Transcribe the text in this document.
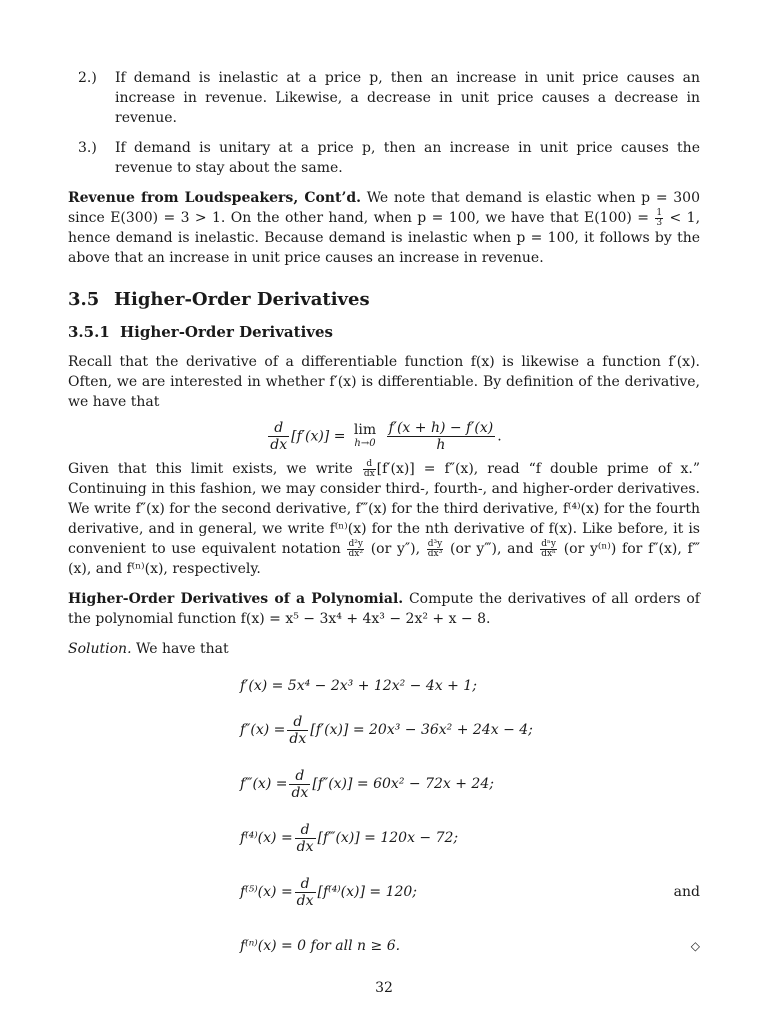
2.) If demand is inelastic at a price p, then an increase in unit price causes an increase in revenue. Likewise, a decrease in unit price causes a decrease in revenue.

3.) If demand is unitary at a price p, then an increase in unit price causes the revenue to stay about the same.

Revenue from Loudspeakers, Cont’d. We note that demand is elastic when p = 300 since E(300) = 3 > 1. On the other hand, when p = 100, we have that $E(100) = \frac{1}{3} < 1$, hence demand is inelastic. Because demand is inelastic when p = 100, it follows by the above that an increase in unit price causes an increase in revenue.

3.5 Higher-Order Derivatives
3.5.1 Higher-Order Derivatives

Recall that the derivative of a differentiable function f(x) is likewise a function f′(x). Often, we are interested in whether f′(x) is differentiable. By definition of the derivative, we have that

$\frac{d}{dx} [f'(x)] = \lim$
h→0
$\frac{f'(x + h) - f'(x)}{h}$ .

Given that this limit exists, we write $\frac{d}{dx} [f'(x)] = f''(x)$, read “f double prime of x.” Continuing in this fashion, we may consider third-, fourth-, and higher-order derivatives. We write f″(x) for the second derivative, f‴(x) for the third derivative, f⁽⁴⁾(x) for the fourth derivative, and in general, we write f⁽ⁿ⁾(x) for the nth derivative of f(x). Like before, it is convenient to use equivalent notation $\frac{\text{d²y}}{\text{dx²}} (or$ y″), $\frac{\text{d³y}}{\text{dx³}} (or$ y‴), and dⁿy
dxⁿ (or y⁽ⁿ⁾) for f″(x), f‴(x), and f⁽ⁿ⁾(x), respectively.

Higher-Order Derivatives of a Polynomial. Compute the derivatives of all orders of the polynomial function f(x) = x⁵ − 3x⁴ + 4x³ − 2x² + x − 8.

Solution. We have that

f′(x) = 5x⁴ − 2x³ + 12x² − 4x + 1;
$f''(x) = \frac{d}{dx} [f'(x)] = 20x^3 - 36x^2 + 24x - 4$;
f‴(x) = $\frac{d}{dx} [f''(x)] = 60x^2 - 72x + 24$;
$f^{(4)}(x) = \frac{d}{dx}$ [f‴(x)] = 120x − 72;
$f^{(5)}(x) = \frac{d}{dx} [f^{(4)}(x)] = 120$;	and
f⁽ⁿ⁾(x) = 0 for all n ≥ 6.	◇
32
